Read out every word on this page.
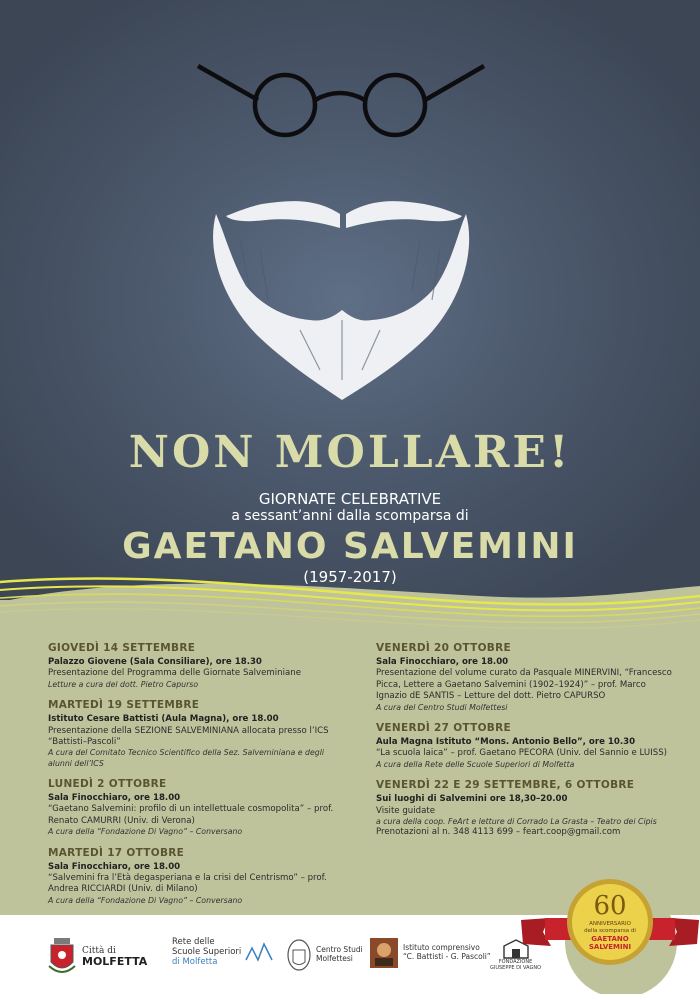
NON MOLLARE!
GIORNATE CELEBRATIVE
a sessant’anni dalla scomparsa di
GAETANO SALVEMINI
(1957-2017)
GIOVEDÌ 14 SETTEMBRE
Palazzo Giovene (Sala Consiliare), ore 18.30
Presentazione del Programma delle Giornate Salveminiane
Letture a cura del dott. Pietro Capurso
MARTEDÌ 19 SETTEMBRE
Istituto Cesare Battisti (Aula Magna), ore 18.00
Presentazione della SEZIONE SALVEMINIANA allocata presso l’ICS “Battisti–Pascoli”
A cura del Comitato Tecnico Scientifico della Sez. Salveminiana e degli alunni dell’ICS
LUNEDÌ 2 OTTOBRE
Sala Finocchiaro, ore 18.00
“Gaetano Salvemini: profilo di un intellettuale cosmopolita” – prof. Renato CAMURRI (Univ. di Verona)
A cura della “Fondazione Di Vagno” – Conversano
MARTEDÌ 17 OTTOBRE
Sala Finocchiaro, ore 18.00
“Salvemini fra l’Età degasperiana e la crisi del Centrismo” – prof. Andrea RICCIARDI (Univ. di Milano)
A cura della “Fondazione Di Vagno” – Conversano
VENERDÌ 20 OTTOBRE
Sala Finocchiaro, ore 18.00
Presentazione del volume curato da Pasquale MINERVINI, “Francesco Picca, Lettere a Gaetano Salvemini (1902–1924)” – prof. Marco Ignazio dE SANTIS – Letture del dott. Pietro CAPURSO
A cura del Centro Studi Molfettesi
VENERDÌ 27 OTTOBRE
Aula Magna Istituto “Mons. Antonio Bello”, ore 10.30
“La scuola laica” – prof. Gaetano PECORA (Univ. del Sannio e LUISS)
A cura della Rete delle Scuole Superiori di Molfetta
VENERDÌ 22 E 29 SETTEMBRE, 6 OTTOBRE
Sui luoghi di Salvemini ore 18,30–20.00
Visite guidate
a cura della coop. FeArt e letture di Corrado La Grasta – Teatro dei Cipis
Prenotazioni al n. 348 4113 699 – feart.coop@gmail.com
Città di
MOLFETTA
Rete delle
Scuole Superiori
di Molfetta
Centro Studi
Molfettesi
Istituto comprensivo
“C. Battisti - G. Pascoli”
FONDAZIONE
GIUSEPPE DI VAGNO
60
ANNIVERSARIO
della scomparsa di
GAETANO
SALVEMINI
